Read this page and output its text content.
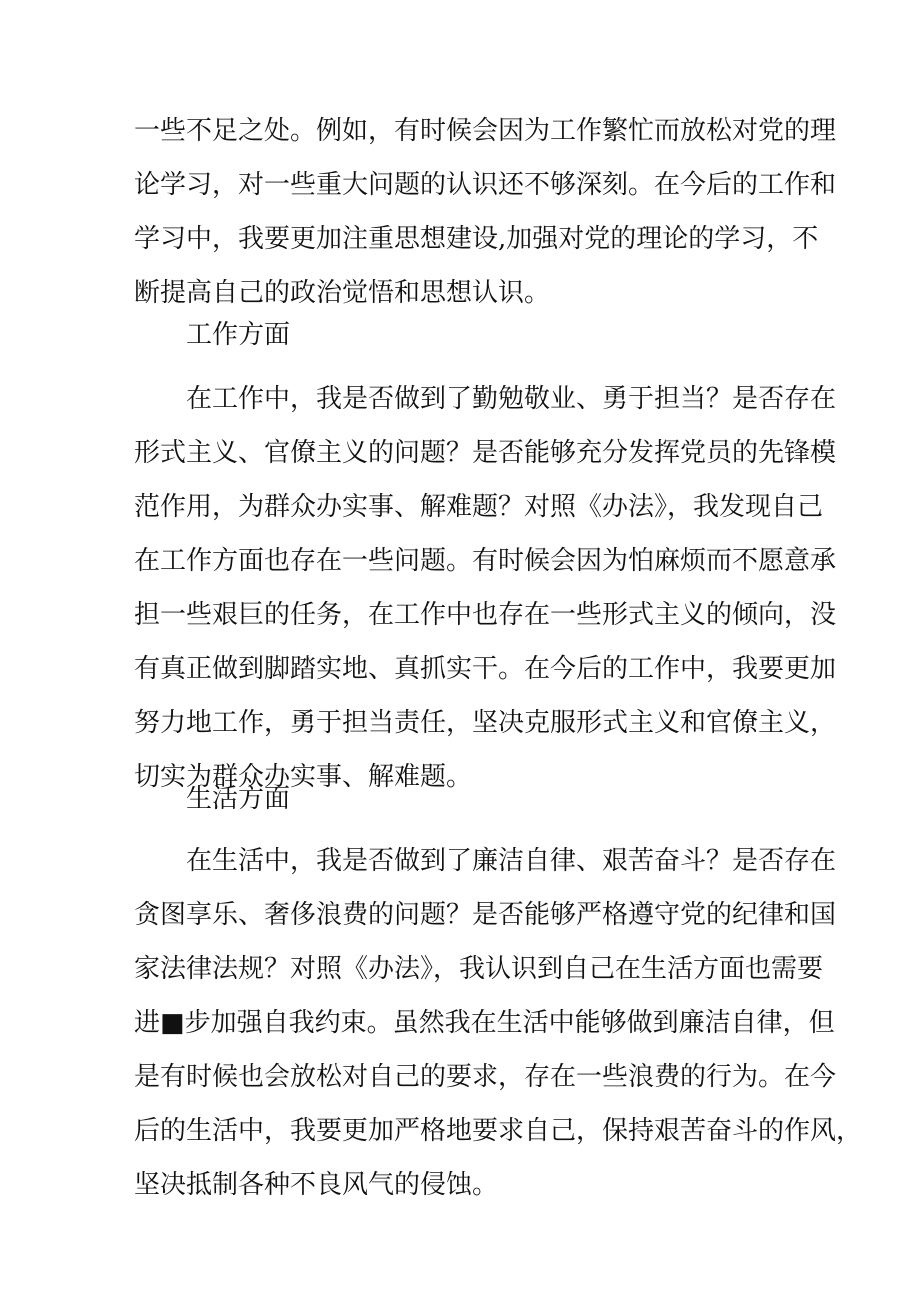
一些不足之处。例如，有时候会因为工作繁忙而放松对党的理
论学习，对一些重大问题的认识还不够深刻。在今后的工作和
学习中，我要更加注重思想建设,加强对党的理论的学习，不
断提高自己的政治觉悟和思想认识。
工作方面
在工作中，我是否做到了勤勉敬业、勇于担当？是否存在
形式主义、官僚主义的问题？是否能够充分发挥党员的先锋模
范作用，为群众办实事、解难题？对照《办法》，我发现自己
在工作方面也存在一些问题。有时候会因为怕麻烦而不愿意承
担一些艰巨的任务，在工作中也存在一些形式主义的倾向，没
有真正做到脚踏实地、真抓实干。在今后的工作中，我要更加
努力地工作，勇于担当责任，坚决克服形式主义和官僚主义，
切实为群众办实事、解难题。
生活方面
在生活中，我是否做到了廉洁自律、艰苦奋斗？是否存在
贪图享乐、奢侈浪费的问题？是否能够严格遵守党的纪律和国
家法律法规？对照《办法》，我认识到自己在生活方面也需要
进■步加强自我约束。虽然我在生活中能够做到廉洁自律，但
是有时候也会放松对自己的要求，存在一些浪费的行为。在今
后的生活中，我要更加严格地要求自己，保持艰苦奋斗的作风，
坚决抵制各种不良风气的侵蚀。
